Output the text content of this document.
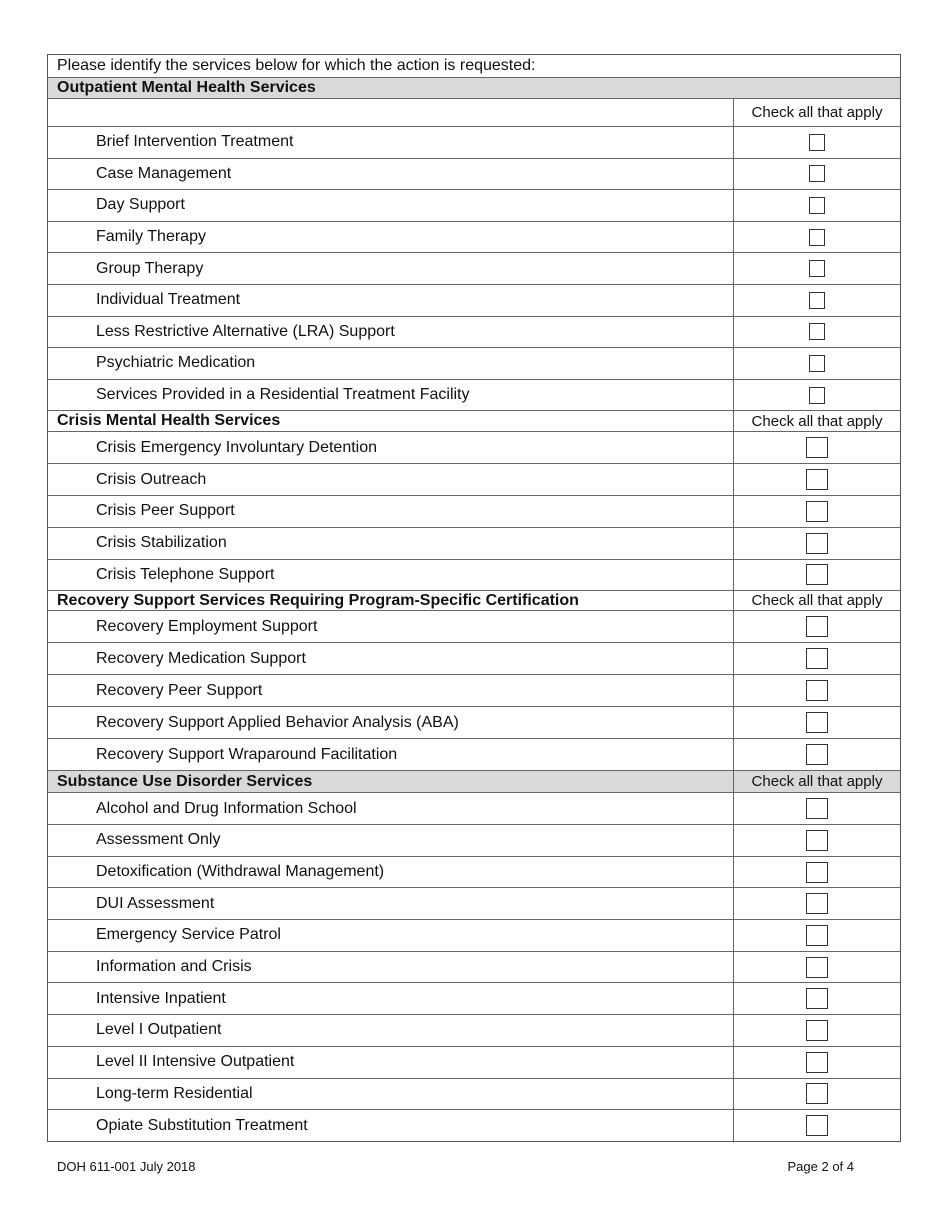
Please identify the services below for which the action is requested:
Outpatient Mental Health Services
Check all that apply
Brief Intervention Treatment
Case Management
Day Support
Family Therapy
Group Therapy
Individual Treatment
Less Restrictive Alternative (LRA) Support
Psychiatric Medication
Services Provided in a Residential Treatment Facility
Crisis Mental Health Services	Check all that apply
Crisis Emergency Involuntary Detention
Crisis Outreach
Crisis Peer Support
Crisis Stabilization
Crisis Telephone Support
Recovery Support Services Requiring Program-Specific Certification	Check all that apply
Recovery Employment Support
Recovery Medication Support
Recovery Peer Support
Recovery Support Applied Behavior Analysis (ABA)
Recovery Support Wraparound Facilitation
Substance Use Disorder Services	Check all that apply
Alcohol and Drug Information School
Assessment Only
Detoxification (Withdrawal Management)
DUI Assessment
Emergency Service Patrol
Information and Crisis
Intensive Inpatient
Level I Outpatient
Level II Intensive Outpatient
Long-term Residential
Opiate Substitution Treatment
DOH 611-001 July 2018	Page 2 of 4
